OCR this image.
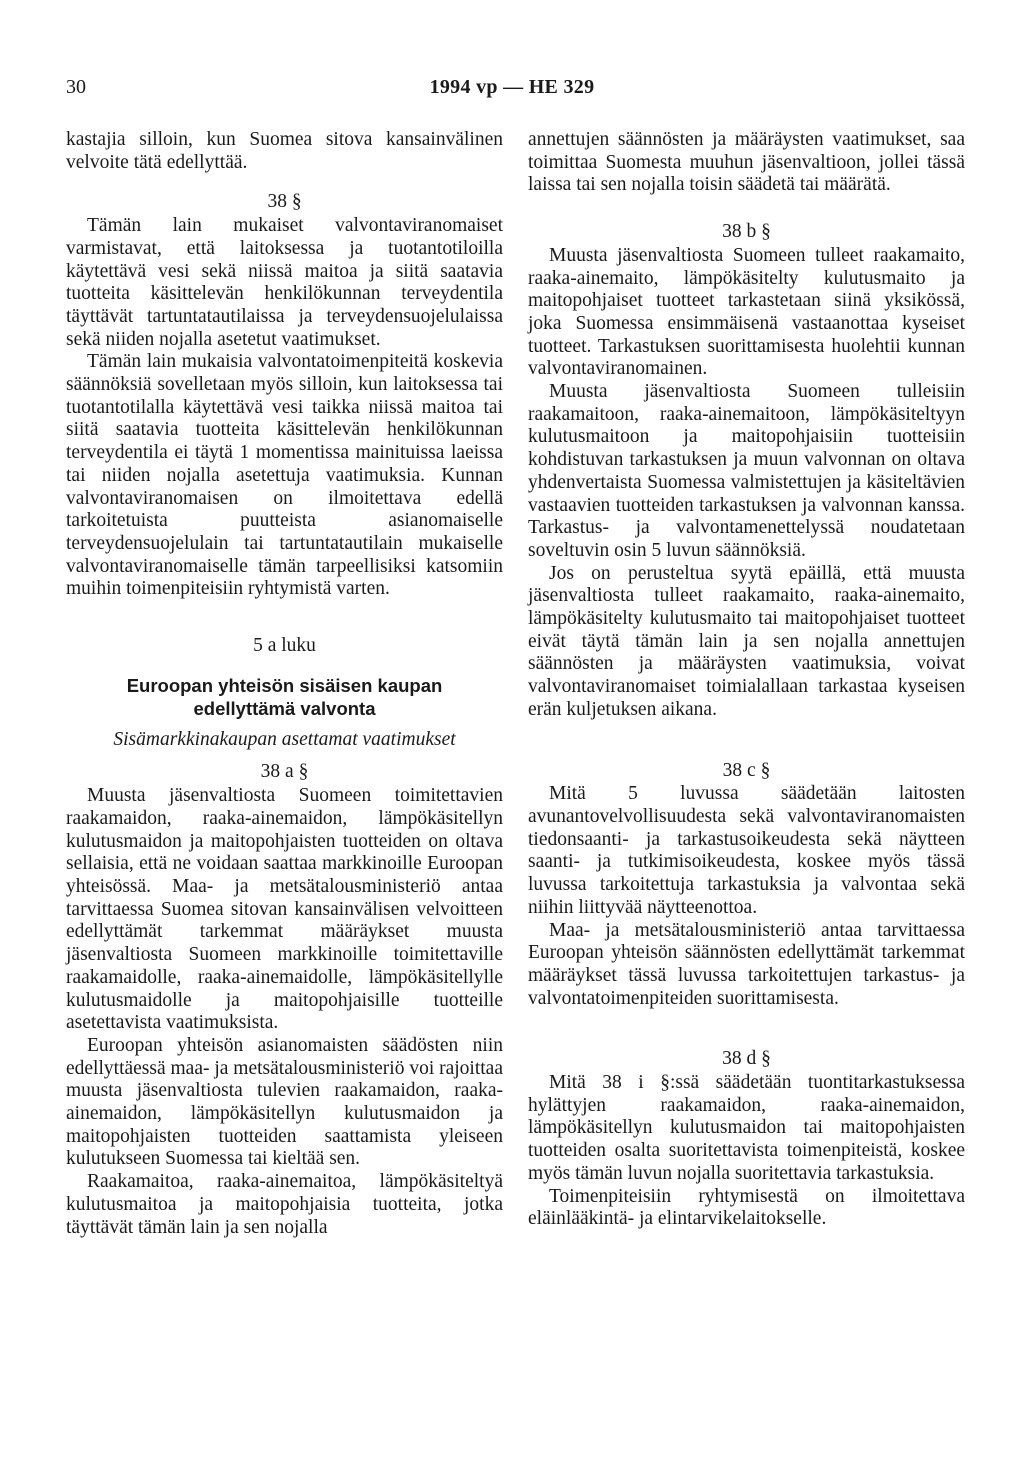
30	1994 vp — HE 329

kastajia silloin, kun Suomea sitova kansainvälinen velvoite tätä edellyttää.

38 §

Tämän lain mukaiset valvontaviranomaiset varmistavat, että laitoksessa ja tuotantotiloilla käytettävä vesi sekä niissä maitoa ja siitä saatavia tuotteita käsittelevän henkilökunnan terveydentila täyttävät tartuntatautilaissa ja terveydensuojelulaissa sekä niiden nojalla asetetut vaatimukset.

Tämän lain mukaisia valvontatoimenpiteitä koskevia säännöksiä sovelletaan myös silloin, kun laitoksessa tai tuotantotilalla käytettävä vesi taikka niissä maitoa tai siitä saatavia tuotteita käsittelevän henkilökunnan terveydentila ei täytä 1 momentissa mainituissa laeissa tai niiden nojalla asetettuja vaatimuksia. Kunnan valvontaviranomaisen on ilmoitettava edellä tarkoitetuista puutteista asianomaiselle terveydensuojelulain tai tartuntatautilain mukaiselle valvontaviranomaiselle tämän tarpeellisiksi katsomiin muihin toimenpiteisiin ryhtymistä varten.

5 a luku
Euroopan yhteisön sisäisen kaupan
edellyttämä valvonta
Sisämarkkinakaupan asettamat vaatimukset
38 a §

Muusta jäsenvaltiosta Suomeen toimitettavien raakamaidon, raaka-ainemaidon, lämpökäsitellyn kulutusmaidon ja maitopohjaisten tuotteiden on oltava sellaisia, että ne voidaan saattaa markkinoille Euroopan yhteisössä. Maa- ja metsätalousministeriö antaa tarvittaessa Suomea sitovan kansainvälisen velvoitteen edellyttämät tarkemmat määräykset muusta jäsenvaltiosta Suomeen markkinoille toimitettaville raakamaidolle, raaka-ainemaidolle, lämpökäsitellylle kulutusmaidolle ja maitopohjaisille tuotteille asetettavista vaatimuksista.

Euroopan yhteisön asianomaisten säädösten niin edellyttäessä maa- ja metsätalousministeriö voi rajoittaa muusta jäsenvaltiosta tulevien raakamaidon, raaka-ainemaidon, lämpökäsitellyn kulutusmaidon ja maitopohjaisten tuotteiden saattamista yleiseen kulutukseen Suomessa tai kieltää sen.

Raakamaitoa, raaka-ainemaitoa, lämpökäsiteltyä kulutusmaitoa ja maitopohjaisia tuotteita, jotka täyttävät tämän lain ja sen nojalla

annettujen säännösten ja määräysten vaatimukset, saa toimittaa Suomesta muuhun jäsenvaltioon, jollei tässä laissa tai sen nojalla toisin säädetä tai määrätä.

38 b §

Muusta jäsenvaltiosta Suomeen tulleet raakamaito, raaka-ainemaito, lämpökäsitelty kulutusmaito ja maitopohjaiset tuotteet tarkastetaan siinä yksikössä, joka Suomessa ensimmäisenä vastaanottaa kyseiset tuotteet. Tarkastuksen suorittamisesta huolehtii kunnan valvontaviranomainen.

Muusta jäsenvaltiosta Suomeen tulleisiin raakamaitoon, raaka-ainemaitoon, lämpökäsiteltyyn kulutusmaitoon ja maitopohjaisiin tuotteisiin kohdistuvan tarkastuksen ja muun valvonnan on oltava yhdenvertaista Suomessa valmistettujen ja käsiteltävien vastaavien tuotteiden tarkastuksen ja valvonnan kanssa. Tarkastus- ja valvontamenettelyssä noudatetaan soveltuvin osin 5 luvun säännöksiä.

Jos on perusteltua syytä epäillä, että muusta jäsenvaltiosta tulleet raakamaito, raaka-ainemaito, lämpökäsitelty kulutusmaito tai maitopohjaiset tuotteet eivät täytä tämän lain ja sen nojalla annettujen säännösten ja määräysten vaatimuksia, voivat valvontaviranomaiset toimialallaan tarkastaa kyseisen erän kuljetuksen aikana.

38 c §

Mitä 5 luvussa säädetään laitosten avunantovelvollisuudesta sekä valvontaviranomaisten tiedonsaanti- ja tarkastusoikeudesta sekä näytteen saanti- ja tutkimisoikeudesta, koskee myös tässä luvussa tarkoitettuja tarkastuksia ja valvontaa sekä niihin liittyvää näytteenottoa.

Maa- ja metsätalousministeriö antaa tarvittaessa Euroopan yhteisön säännösten edellyttämät tarkemmat määräykset tässä luvussa tarkoitettujen tarkastus- ja valvontatoimenpiteiden suorittamisesta.

38 d §

Mitä 38 i §:ssä säädetään tuontitarkastuksessa hylättyjen raakamaidon, raaka-ainemaidon, lämpökäsitellyn kulutusmaidon tai maitopohjaisten tuotteiden osalta suoritettavista toimenpiteistä, koskee myös tämän luvun nojalla suoritettavia tarkastuksia.

Toimenpiteisiin ryhtymisestä on ilmoitettava eläinlääkintä- ja elintarvikelaitokselle.
